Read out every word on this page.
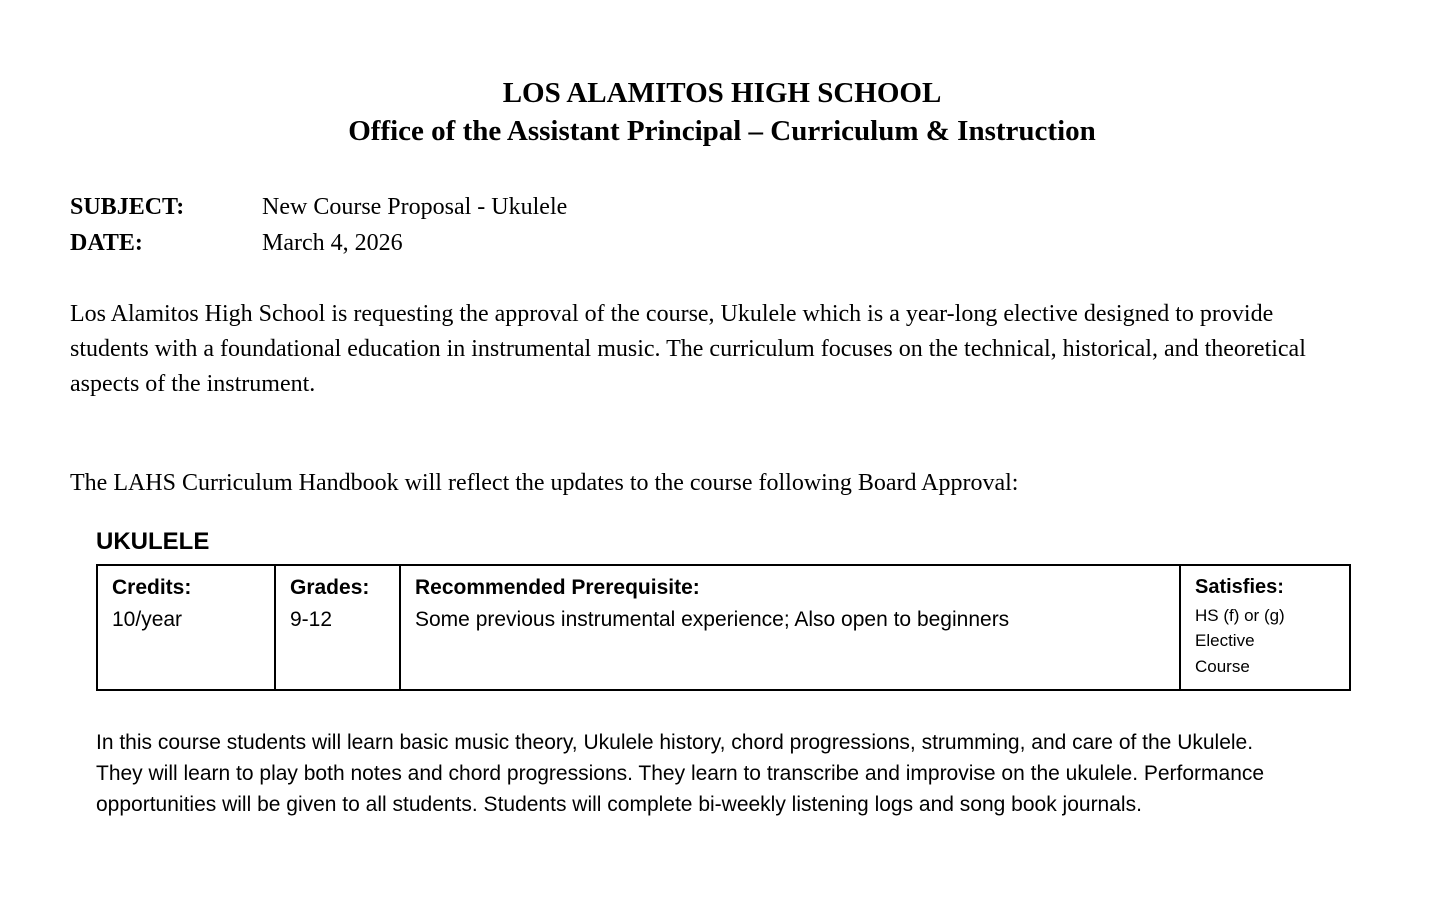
LOS ALAMITOS HIGH SCHOOL
Office of the Assistant Principal – Curriculum & Instruction
SUBJECT:	New Course Proposal - Ukulele
DATE:	March 4, 2026

Los Alamitos High School is requesting the approval of the course, Ukulele which is a year-long elective designed to provide students with a foundational education in instrumental music. The curriculum focuses on the technical, historical, and theoretical aspects of the instrument.

The LAHS Curriculum Handbook will reflect the updates to the course following Board Approval:

UKULELE
Credits:
10/year

Grades:
9-12

Recommended Prerequisite:
Some previous instrumental experience; Also open to beginners

Satisfies:
HS (f) or (g) Elective Course

In this course students will learn basic music theory, Ukulele history, chord progressions, strumming, and care of the Ukulele. They will learn to play both notes and chord progressions. They learn to transcribe and improvise on the ukulele. Performance opportunities will be given to all students. Students will complete bi-weekly listening logs and song book journals.
